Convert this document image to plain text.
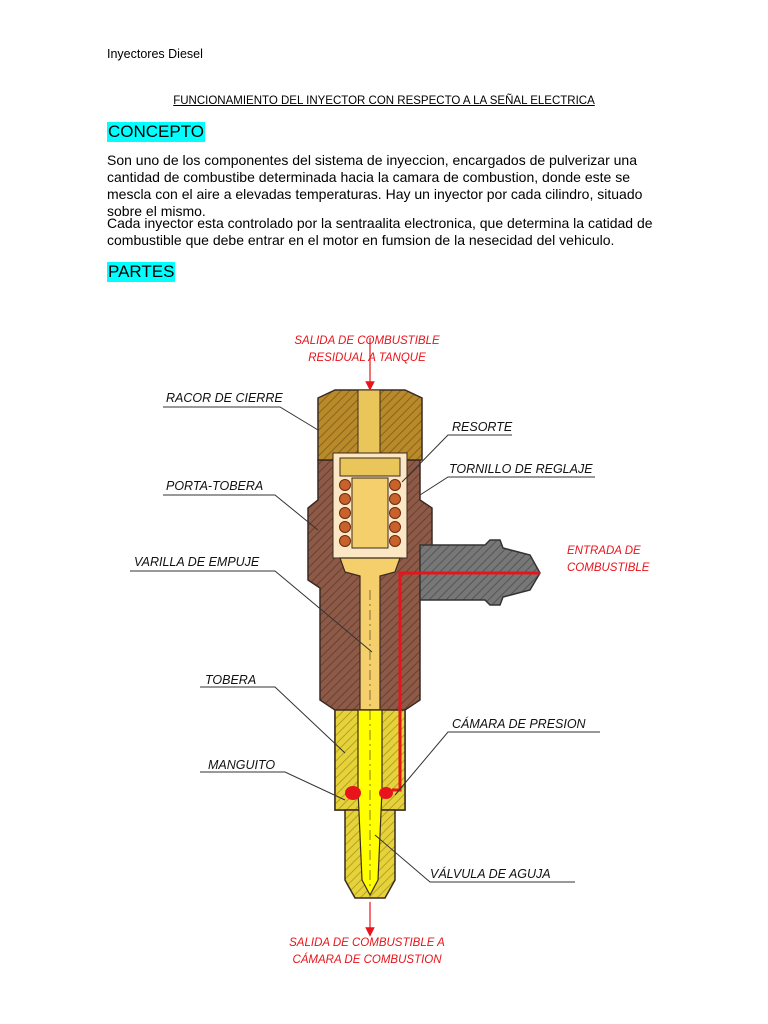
Inyectores Diesel
FUNCIONAMIENTO DEL INYECTOR CON RESPECTO A LA SEÑAL ELECTRICA
CONCEPTO
Son uno de los componentes del sistema de inyeccion, encargados de pulverizar una cantidad de combustibe determinada hacia la camara de combustion, donde este se mescla con el aire a elevadas temperaturas. Hay un inyector por cada cilindro, situado sobre el mismo.
Cada inyector esta controlado por la sentraalita electronica, que determina la catidad de combustible que debe entrar en el motor en fumsion de la nesecidad del vehiculo.
PARTES
SALIDA DE COMBUSTIBLE
RESIDUAL A TANQUE
RACOR DE CIERRE
RESORTE
TORNILLO DE REGLAJE
PORTA-TOBERA
VARILLA DE EMPUJE
ENTRADA DE
COMBUSTIBLE
TOBERA
CÁMARA DE PRESION
MANGUITO
VÁLVULA DE AGUJA
SALIDA DE COMBUSTIBLE A
CÁMARA DE COMBUSTION
